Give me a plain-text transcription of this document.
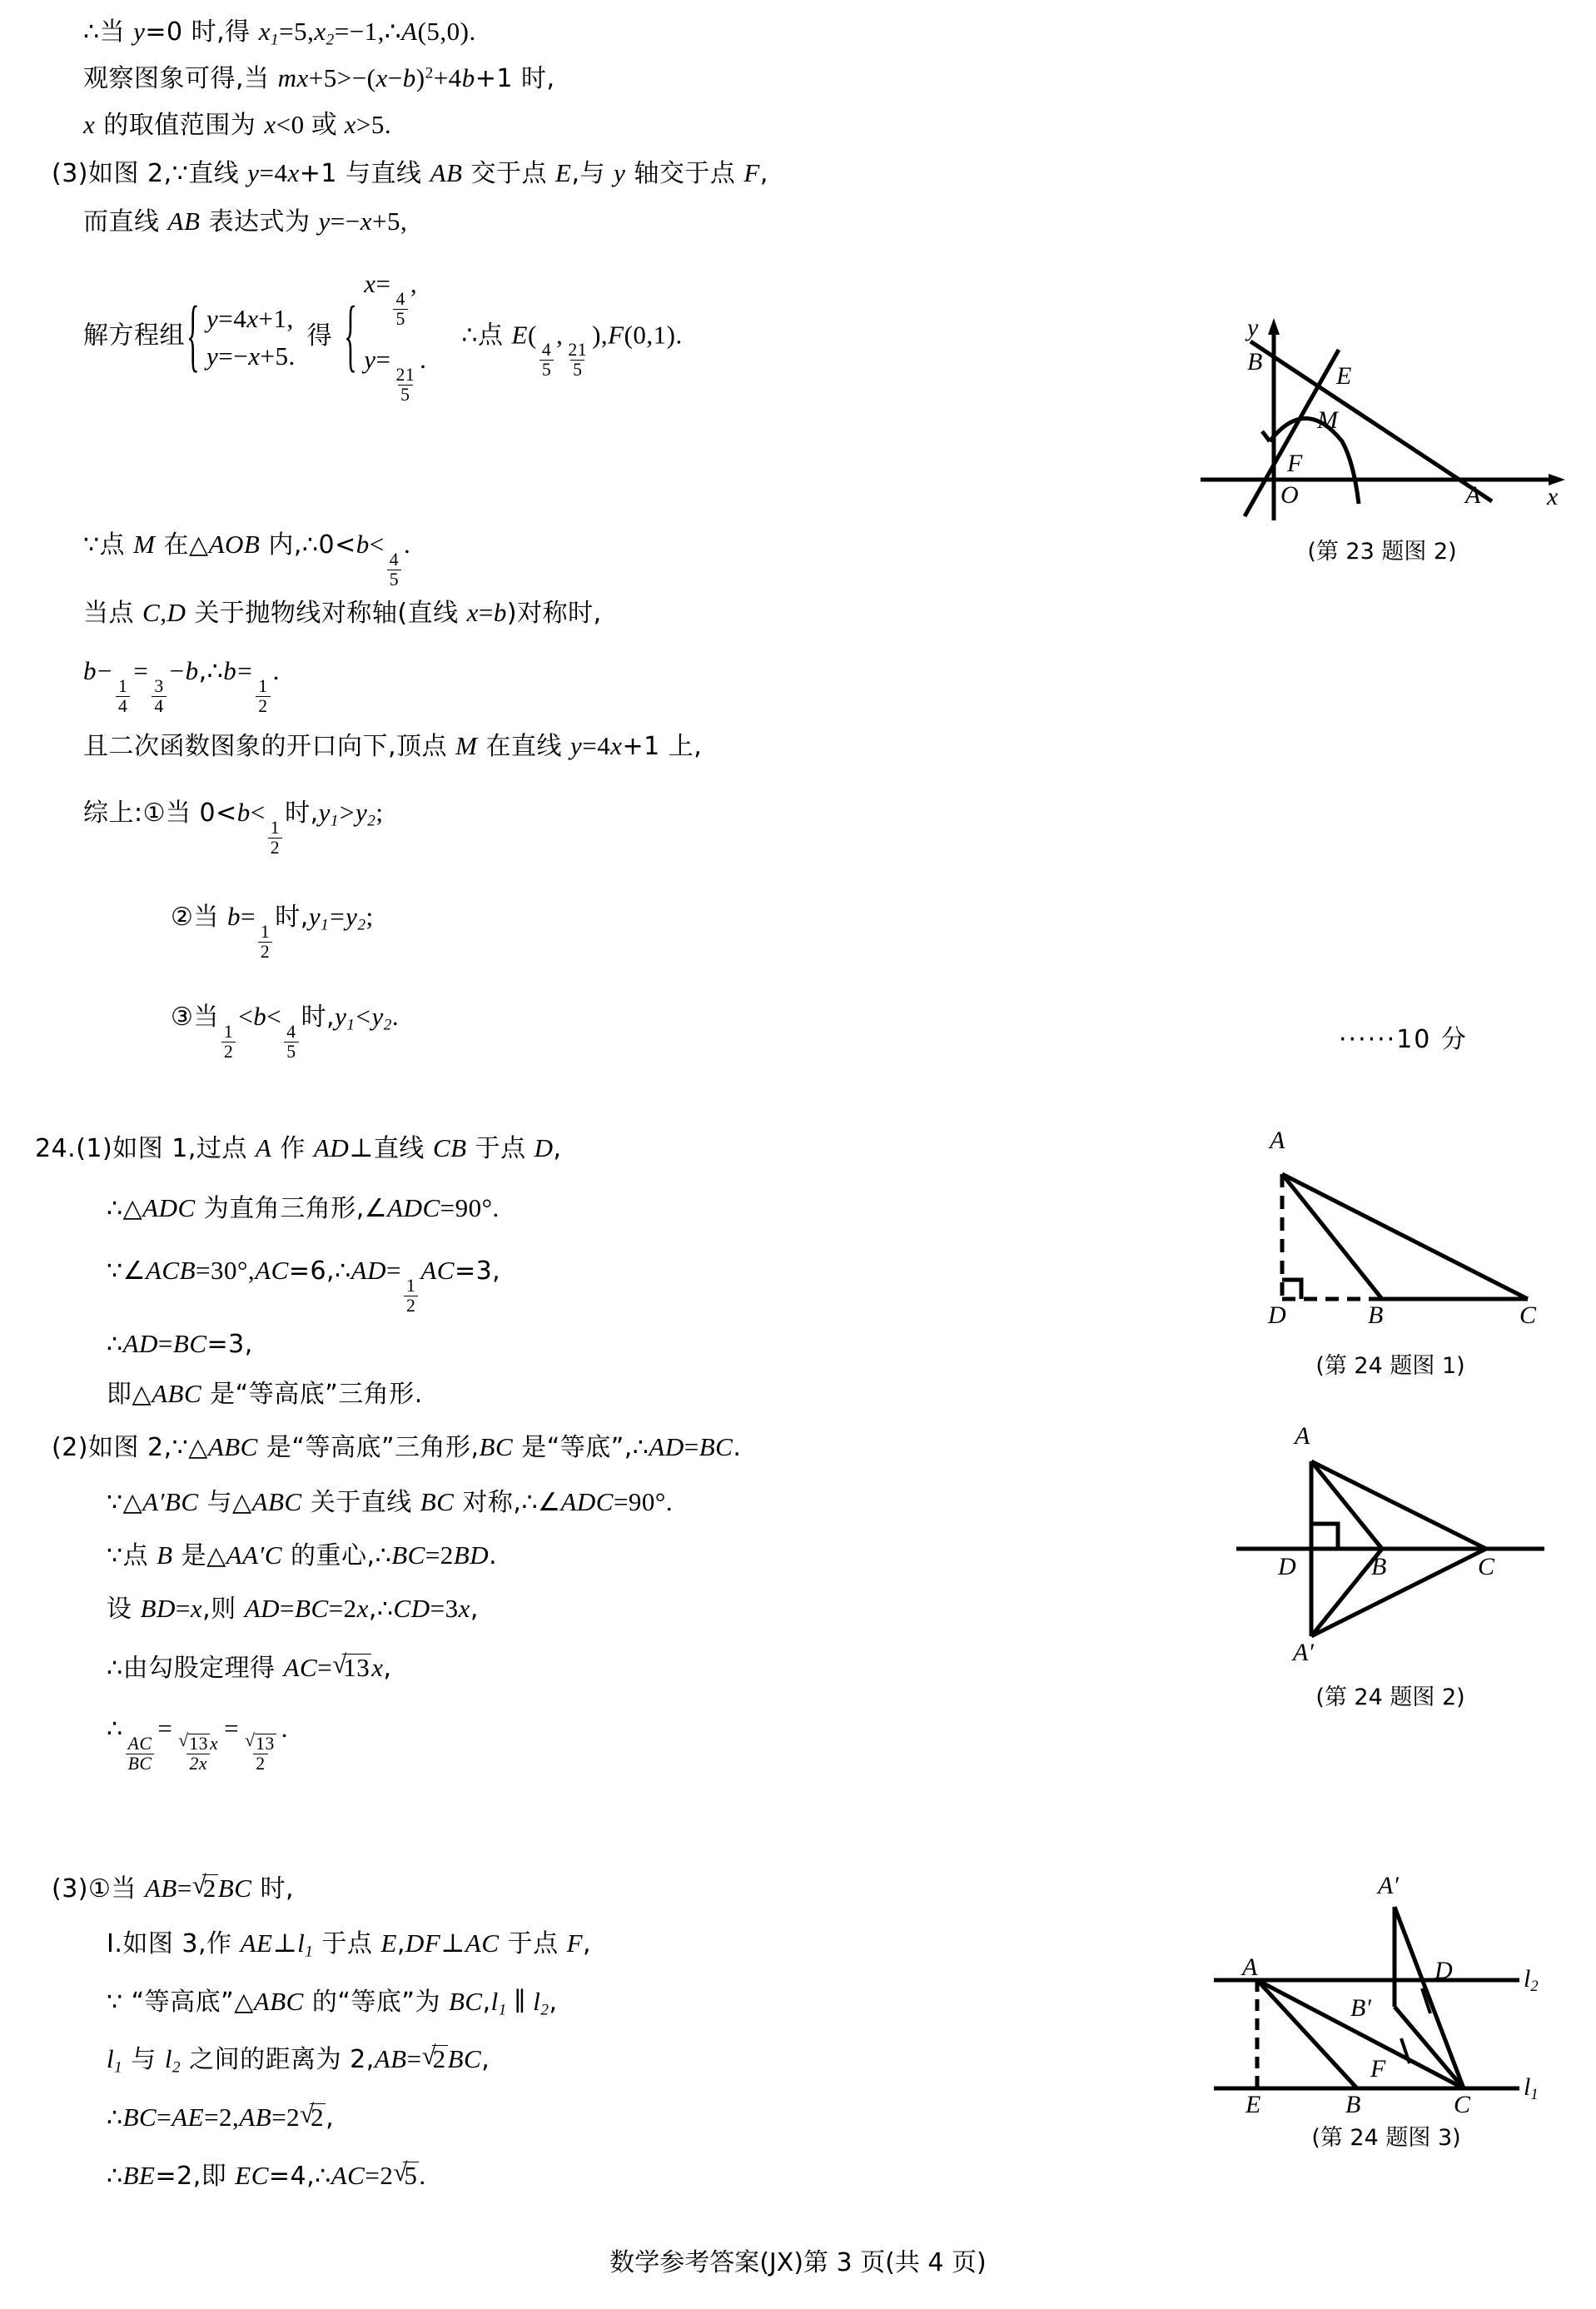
∴当 y=0 时,得 $x_1=5,x_2=-1,\therefore A(5,0)$.
观察图象可得,当 $mx+5>-(x-b)^2+4b+1$ 时,
x 的取值范围为 x<0 或 x>5.
(3)如图 2,∵直线 y=4x+1 与直线 AB 交于点 E,与 y 轴交于点 F,
而直线 AB 表达式为 y=−x+5,
解方程组 { y=4x+1,
y=−x+5.
得 {
x=
$\frac{4}{5}$
,
y=
$\frac{21}{5}$
.
∴点 E(
$\frac{4}{5}$
,
$\frac{21}{5}$
),F(0,1).
∵点 M 在△AOB 内,∴0<b<
$\frac{4}{5}$
.
当点 C,D 关于抛物线对称轴(直线 x=b)对称时,
b−
$\frac{1}{4}$
=
$\frac{3}{4}$
−b,∴b=
$\frac{1}{2}$
.
且二次函数图象的开口向下,顶点 M 在直线 y=4x+1 上,
综上:①当 0<b<
$\frac{1}{2}$
时$,y_1>y_2$;
②当 b=
$\frac{1}{2}$
时$,y_1=y_2$;
③当
$\frac{1}{2}$
<b<
$\frac{4}{5}$
时$,y_1<y_2$.
······10 分
B
y
x
O
E
M
F
A
(第 23 题图 2)
24.(1)如图 1,过点 A 作 AD⊥直线 CB 于点 D,
∴△ADC 为直角三角形,∠ADC=90°.
∵∠ACB=30°,AC=6,∴AD=
$\frac{1}{2}$
AC=3,
∴AD=BC=3,
即△ABC 是“等高底”三角形.
(2)如图 2,∵△ABC 是“等高底”三角形,BC 是“等底”,∴AD=BC.
∵△A′BC 与△ABC 关于直线 BC 对称,∴∠ADC=90°.
∵点 B 是△AA′C 的重心,∴BC=2BD.
设 BD=x,则 AD=BC=2x,∴CD=3x,
∴由勾股定理得 AC= √ 13x,
∴
$\frac{AC}{BC}$
=
√ $\frac{13x}{2x}$
=
√ $\frac{13}{2}$
.
(3)①当 AB= √ 2BC 时,
Ⅰ.如图 3,作 $AE\perp l_1$ 于点 E,DF⊥AC 于点 F,
∵ “等高底”△ABC 的“等底”为 $BC,l_1$ ∥ $l_2$,
$l_1$ 与 $l_2$ 之间的距离为 2,AB= √ 2BC,
∴BC=AE=2,AB=2 √ 2,
∴BE=2,即 EC=4,∴AC=2 √ 5.
A
D	B	C
(第 24 题图 1)
A
D	B	C
A′
(第 24 题图 2)
A′
A	D
B′
F
E	B	C
$l_2$
$l_1$
(第 24 题图 3)
数学参考答案(JX)第 3 页(共 4 页)
